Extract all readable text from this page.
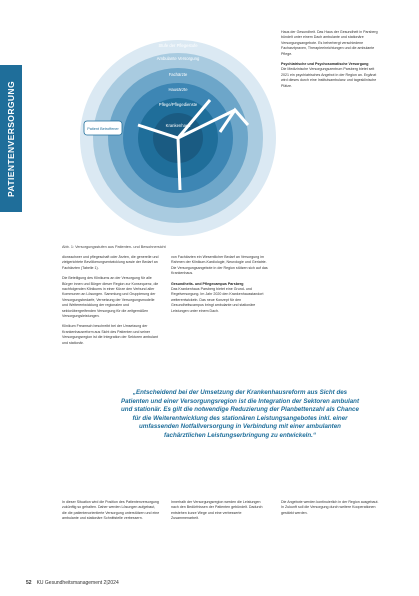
PATIENTENVERSORGUNG
Stufe der Pflegestufe
Ambulante Versorgung
Fachärzte
Hausärzte
Pflege/Pflegedienste
Krankenhaus
Patient Betroffener
Abb. 1: Versorgungsstufen aus Patienten- und Bewohnersicht

dionsschwer und pflegeschaft oder Ärzten, die generelle und zielgerichtete Bevölkerungsentwicklung sowie der Bedarf an Fachärzten (Tabelle 1).

Die Beteiligung des Klinikums an der Versorgung für alle Bürger innen und Bürger dieser Region zur Konsequenz, die nachfolgenden Klinikums in einer Kürze den Verbund aller Kommunen an Lösungen. Sammlung und Gruppierung der Versorgungsbedarfe, Vernetzung der Versorgungsmodelle und Weiterentwicklung der regionalen und sektorübergreifenden Versorgung für die zeitgemäßen Versorgungsleistungen.

Klinikum Freamsch beschreibt bei der Umsetzung der Krankenhausreform aus Sicht des Patienten und seiner Versorgungsregion ist die Integration der Sektoren ambulant und stationär.

In dieser Situation wird die Position des Patientenversorgung zukünftig so gehalten. Daher werden Lösungen aufgebaut, die die patientenorientierte Versorgung unterstützen und eine ambulante und stationäre Schnittstelle verbessern.

von Fachärzten ein Wesentlicher Bedarf an Versorgung im Rahmen der Klinikum-Kardiologie, Neurologie und Geriatrie. Die Versorgungsangebote in der Region stützen sich auf das Krankenhaus.

Gesundheits- und Pflegecampus Parsberg
Das Krankenhaus Parsberg bietet eine Grund- und Regelversorgung. Im Jahr 2020 den Krankenhausstandort weiterentwickeln. Das neue Konzept für den Gesundheitscampus bringt ambulante und stationäre Leistungen unter einem Dach.

Innerhalb der Versorgungsregion werden die Leistungen nach den Bedürfnissen der Patienten gebündelt. Dadurch entstehen kurze Wege und eine verbesserte Zusammenarbeit.

Haus der Gesundheit. Das Haus der Gesundheit in Parsberg bündelt unter einem Dach ambulante und stationäre Versorgungsangebote. Es beherbergt verschiedene Facharztpraxen, Therapieeinrichtungen und die ambulante Pflege.

Psychiatrische und Psychosomatische Versorgung
Die Medizinische Versorgungszentrum Parsberg bietet seit 2021 ein psychiatrisches Angebot in der Region an. Ergänzt wird dieses durch eine Institutsambulanz und tagesklinische Plätze.

Die Angebote werden kontinuierlich in der Region ausgebaut. In Zukunft soll die Versorgung durch weitere Kooperationen gestärkt werden.

„Entscheidend bei der Umsetzung der Krankenhausreform aus Sicht des Patienten und einer Versorgungsregion ist die Integration der Sektoren ambulant und stationär. Es gilt die notwendige Reduzierung der Planbettenzahl als Chance für die Weiterentwicklung des stationären Leistungsangebotes inkl. einer umfassenden Notfallversorgung in Verbindung mit einer ambulanten fachärztlichen Leistungserbringung zu entwickeln.“
52 KU Gesundheitsmanagement 2|2024
